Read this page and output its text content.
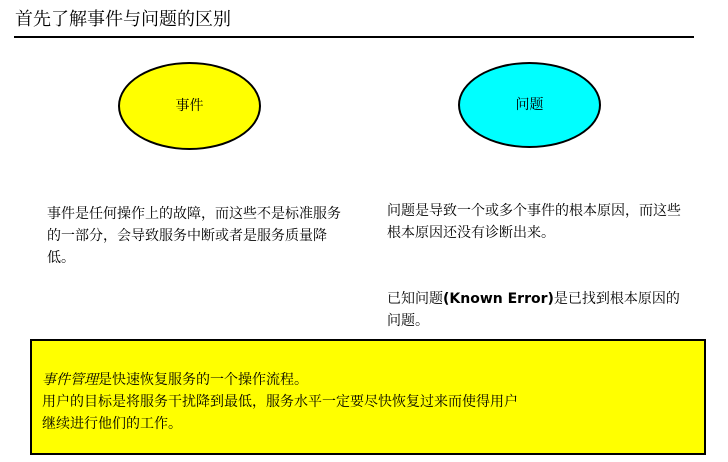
首先了解事件与问题的区别
事件	问题

事件是任何操作上的故障，而这些不是标准服务的一部分，会导致服务中断或者是服务质量降低。

问题是导致一个或多个事件的根本原因，而这些根本原因还没有诊断出来。

已知问题(Known Error)是已找到根本原因的问题。

事件管理是快速恢复服务的一个操作流程。

用户的目标是将服务干扰降到最低，服务水平一定要尽快恢复过来而使得用户

继续进行他们的工作。
